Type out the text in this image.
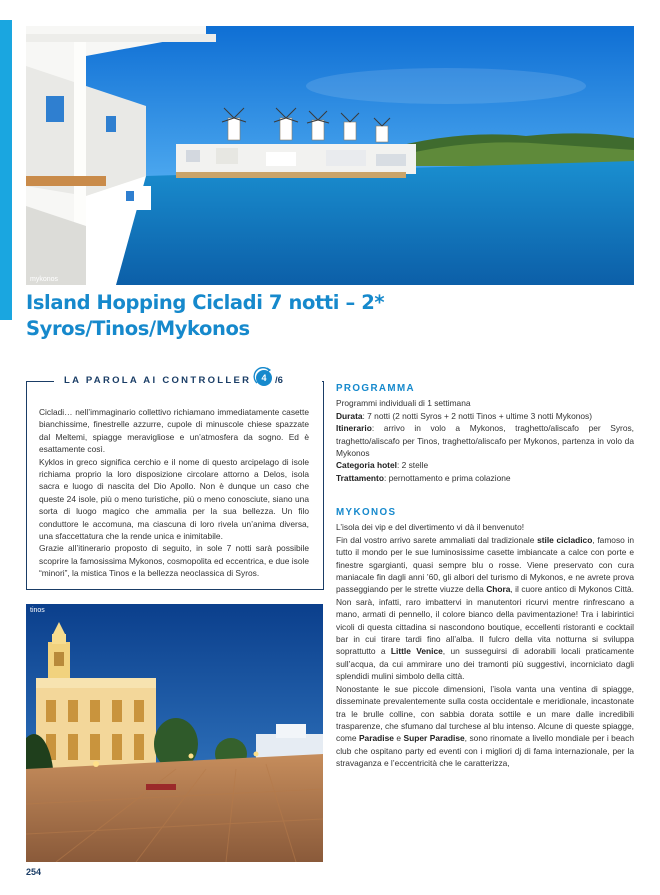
mykonos
Island Hopping Cicladi 7 notti – 2*
Syros/Tinos/Mykonos
LA PAROLA AI CONTROLLER	4 /6

Cicladi… nell’immaginario collettivo richiamano immediatamente casette bianchissime, finestrelle azzurre, cupole di minuscole chiese spazzate dal Meltemi, spiagge meravigliose e un’atmosfera da sogno. Ed è esattamente così.

Kyklos in greco significa cerchio e il nome di questo arcipelago di isole richiama proprio la loro disposizione circolare attorno a Delos, isola sacra e luogo di nascita del Dio Apollo. Non è dunque un caso che queste 24 isole, più o meno turistiche, più o meno conosciute, siano una sorta di luogo magico che ammalia per la sua bellezza. Un filo conduttore le accomuna, ma ciascuna di loro rivela un’anima diversa, una sfaccettatura che la rende unica e inimitabile.

Grazie all’itinerario proposto di seguito, in sole 7 notti sarà possibile scoprire la famosissima Mykonos, cosmopolita ed eccentrica, e due isole “minori”, la mistica Tinos e la bellezza neoclassica di Syros.

tinos
254
PROGRAMMA

Programmi individuali di 1 settimana

Durata: 7 notti (2 notti Syros + 2 notti Tinos + ultime 3 notti Mykonos)

Itinerario: arrivo in volo a Mykonos, traghetto/aliscafo per Syros, traghetto/aliscafo per Tinos, traghetto/aliscafo per Mykonos, partenza in volo da Mykonos

Categoria hotel: 2 stelle

Trattamento: pernottamento e prima colazione

MYKONOS

L’isola dei vip e del divertimento vi dà il benvenuto!

Fin dal vostro arrivo sarete ammaliati dal tradizionale stile cicladico, famoso in tutto il mondo per le sue luminosissime casette imbiancate a calce con porte e finestre sgargianti, quasi sempre blu o rosse. Viene preservato con cura maniacale fin dagli anni ’60, gli albori del turismo di Mykonos, e ne avrete prova passeggiando per le strette viuzze della Chora, il cuore antico di Mykonos Città. Non sarà, infatti, raro imbattervi in manutentori ricurvi mentre rinfrescano a mano, armati di pennello, il colore bianco della pavimentazione! Tra i labirintici vicoli di questa cittadina si nascondono boutique, eccellenti ristoranti e cocktail bar in cui tirare tardi fino all’alba. Il fulcro della vita notturna si sviluppa soprattutto a Little Venice, un susseguirsi di adorabili locali praticamente sull’acqua, da cui ammirare uno dei tramonti più suggestivi, incorniciato dagli splendidi mulini simbolo della città.

Nonostante le sue piccole dimensioni, l’isola vanta una ventina di spiagge, disseminate prevalentemente sulla costa occidentale e meridionale, incastonate tra le brulle colline, con sabbia dorata sottile e un mare dalle incredibili trasparenze, che sfumano dal turchese al blu intenso. Alcune di queste spiagge, come Paradise e Super Paradise, sono rinomate a livello mondiale per i beach club che ospitano party ed eventi con i migliori dj di fama internazionale, per la stravaganza e l’eccentricità che le caratterizza,
